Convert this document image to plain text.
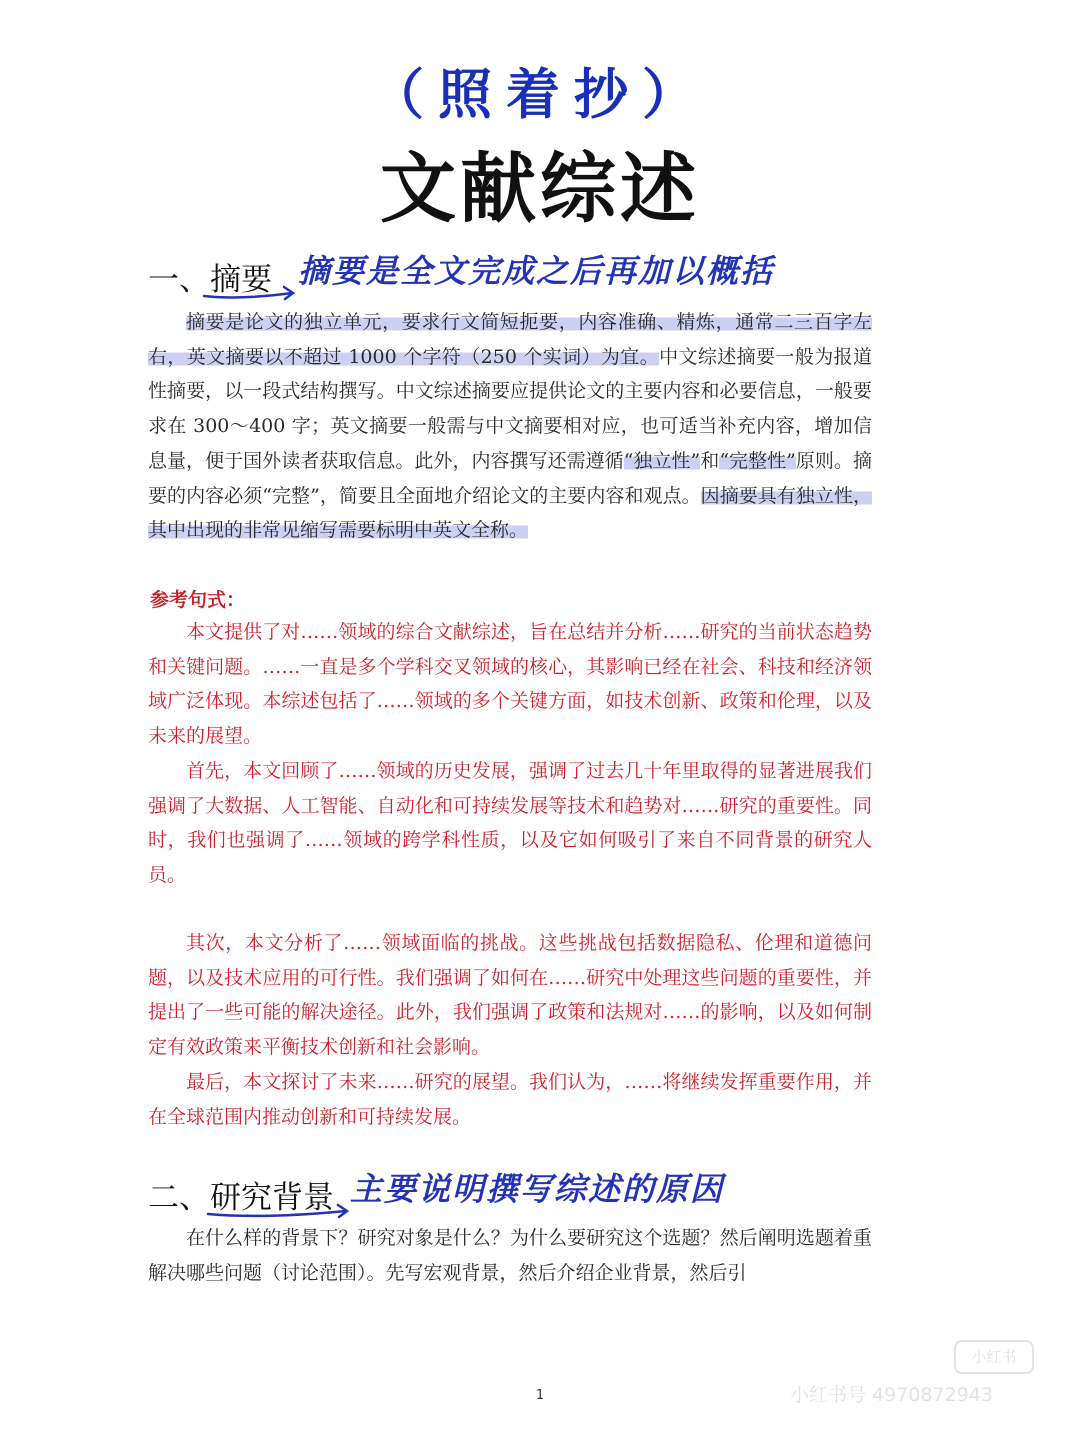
（照着抄）
文献综述
一、摘要 摘要是全文完成之后再加以概括

摘要是论文的独立单元，要求行文简短扼要，内容准确、精炼，通常二三百字左右，英文摘要以不超过 1000 个字符（250 个实词）为宜。中文综述摘要一般为报道性摘要，以一段式结构撰写。中文综述摘要应提供论文的主要内容和必要信息，一般要求在 300～400 字；英文摘要一般需与中文摘要相对应，也可适当补充内容，增加信息量，便于国外读者获取信息。此外，内容撰写还需遵循“独立性”和“完整性”原则。摘要的内容必须“完整”，简要且全面地介绍论文的主要内容和观点。因摘要具有独立性，其中出现的非常见缩写需要标明中英文全称。

参考句式：

本文提供了对……领域的综合文献综述，旨在总结并分析……研究的当前状态趋势和关键问题。……一直是多个学科交叉领域的核心，其影响已经在社会、科技和经济领域广泛体现。本综述包括了……领域的多个关键方面，如技术创新、政策和伦理，以及未来的展望。

首先，本文回顾了……领域的历史发展，强调了过去几十年里取得的显著进展我们强调了大数据、人工智能、自动化和可持续发展等技术和趋势对……研究的重要性。同时，我们也强调了……领域的跨学科性质，以及它如何吸引了来自不同背景的研究人员。

其次，本文分析了……领域面临的挑战。这些挑战包括数据隐私、伦理和道德问题，以及技术应用的可行性。我们强调了如何在……研究中处理这些问题的重要性，并提出了一些可能的解决途径。此外，我们强调了政策和法规对……的影响，以及如何制定有效政策来平衡技术创新和社会影响。

最后，本文探讨了未来……研究的展望。我们认为，……将继续发挥重要作用，并在全球范围内推动创新和可持续发展。

二、研究背景 主要说明撰写综述的原因

在什么样的背景下？研究对象是什么？为什么要研究这个选题？然后阐明选题着重解决哪些问题（讨论范围）。先写宏观背景，然后介绍企业背景，然后引

1
小红书
小红书号 4970872943
